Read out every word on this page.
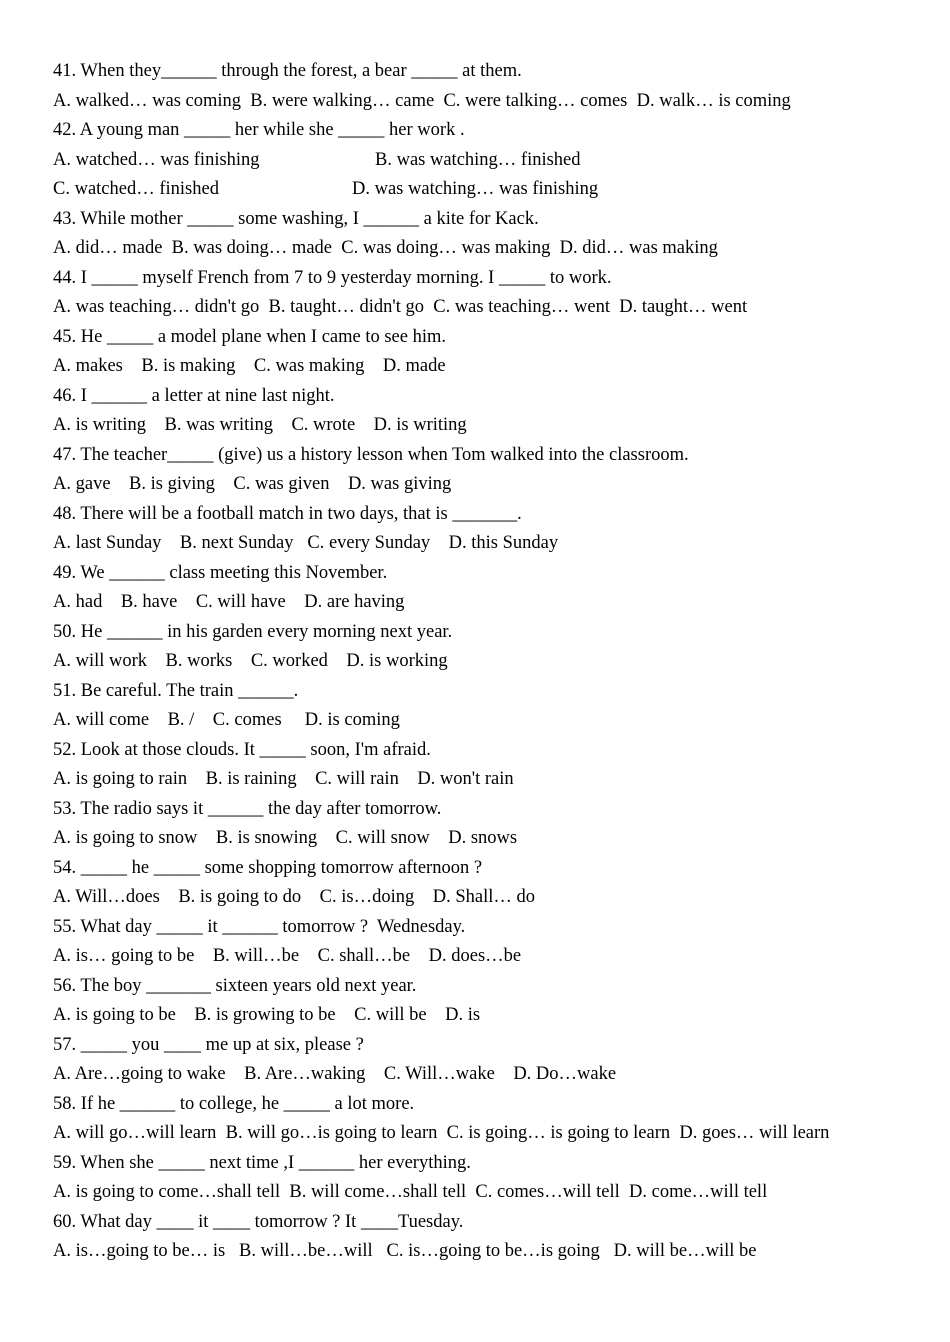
41. When they______ through the forest, a bear _____ at them.
A. walked… was coming  B. were walking… came  C. were talking… comes  D. walk… is coming
42. A young man _____ her while she _____ her work .
A. watched… was finishing	B. was watching… finished
C. watched… finished	D. was watching… was finishing
43. While mother _____ some washing, I ______ a kite for Kack.
A. did… made  B. was doing… made  C. was doing… was making  D. did… was making
44. I _____ myself French from 7 to 9 yesterday morning. I _____ to work.
A. was teaching… didn't go  B. taught… didn't go  C. was teaching… went  D. taught… went
45. He _____ a model plane when I came to see him.
A. makes    B. is making    C. was making    D. made
46. I ______ a letter at nine last night.
A. is writing    B. was writing    C. wrote    D. is writing
47. The teacher_____ (give) us a history lesson when Tom walked into the classroom.
A. gave    B. is giving    C. was given    D. was giving
48. There will be a football match in two days, that is _______.
A. last Sunday    B. next Sunday   C. every Sunday    D. this Sunday
49. We ______ class meeting this November.
A. had    B. have    C. will have    D. are having
50. He ______ in his garden every morning next year.
A. will work    B. works    C. worked    D. is working
51. Be careful. The train ______.
A. will come    B. /    C. comes     D. is coming
52. Look at those clouds. It _____ soon, I'm afraid.
A. is going to rain    B. is raining    C. will rain    D. won't rain
53. The radio says it ______ the day after tomorrow.
A. is going to snow    B. is snowing    C. will snow    D. snows
54. _____ he _____ some shopping tomorrow afternoon ?
A. Will…does    B. is going to do    C. is…doing    D. Shall… do
55. What day _____ it ______ tomorrow ?  Wednesday.
A. is… going to be    B. will…be    C. shall…be    D. does…be
56. The boy _______ sixteen years old next year.
A. is going to be    B. is growing to be    C. will be    D. is
57. _____ you ____ me up at six, please ?
A. Are…going to wake    B. Are…waking    C. Will…wake    D. Do…wake
58. If he ______ to college, he _____ a lot more.
A. will go…will learn  B. will go…is going to learn  C. is going… is going to learn  D. goes… will learn
59. When she _____ next time ,I ______ her everything.
A. is going to come…shall tell  B. will come…shall tell  C. comes…will tell  D. come…will tell
60. What day ____ it ____ tomorrow ? It ____Tuesday.
A. is…going to be… is   B. will…be…will   C. is…going to be…is going   D. will be…will be
